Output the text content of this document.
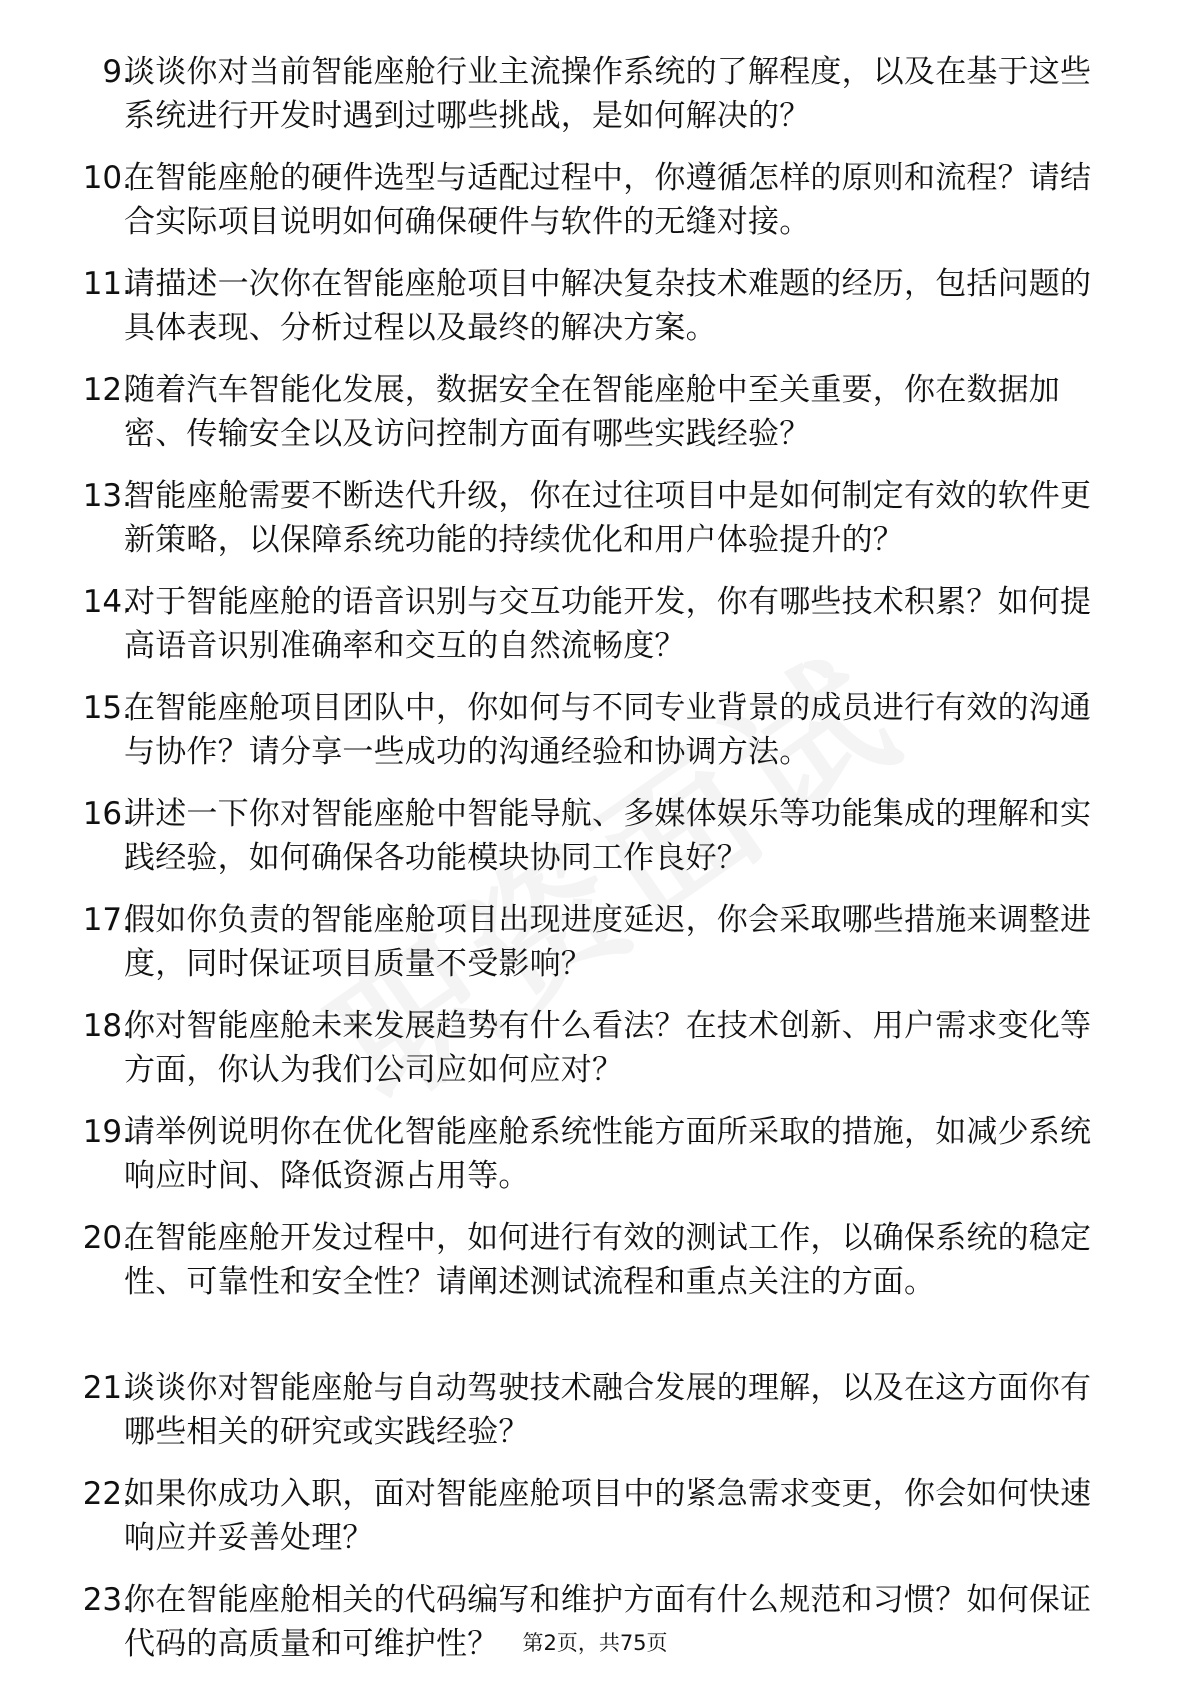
9.
谈谈你对当前智能座舱行业主流操作系统的了解程度，以及在基于这些系统进行开发时遇到过哪些挑战，是如何解决的？
10.
在智能座舱的硬件选型与适配过程中，你遵循怎样的原则和流程？请结合实际项目说明如何确保硬件与软件的无缝对接。
11.
请描述一次你在智能座舱项目中解决复杂技术难题的经历，包括问题的具体表现、分析过程以及最终的解决方案。
12.
随着汽车智能化发展，数据安全在智能座舱中至关重要，你在数据加密、传输安全以及访问控制方面有哪些实践经验？
13.
智能座舱需要不断迭代升级，你在过往项目中是如何制定有效的软件更新策略，以保障系统功能的持续优化和用户体验提升的？
14.
对于智能座舱的语音识别与交互功能开发，你有哪些技术积累？如何提高语音识别准确率和交互的自然流畅度？
15.
在智能座舱项目团队中，你如何与不同专业背景的成员进行有效的沟通与协作？请分享一些成功的沟通经验和协调方法。
16.
讲述一下你对智能座舱中智能导航、多媒体娱乐等功能集成的理解和实践经验，如何确保各功能模块协同工作良好？
17.
假如你负责的智能座舱项目出现进度延迟，你会采取哪些措施来调整进度，同时保证项目质量不受影响？
18.
你对智能座舱未来发展趋势有什么看法？在技术创新、用户需求变化等方面，你认为我们公司应如何应对？
19.
请举例说明你在优化智能座舱系统性能方面所采取的措施，如减少系统响应时间、降低资源占用等。
20.
在智能座舱开发过程中，如何进行有效的测试工作，以确保系统的稳定性、可靠性和安全性？请阐述测试流程和重点关注的方面。
21.
谈谈你对智能座舱与自动驾驶技术融合发展的理解，以及在这方面你有哪些相关的研究或实践经验？
22.
如果你成功入职，面对智能座舱项目中的紧急需求变更，你会如何快速响应并妥善处理？
23.
你在智能座舱相关的代码编写和维护方面有什么规范和习惯？如何保证代码的高质量和可维护性？	第2页，共75页
